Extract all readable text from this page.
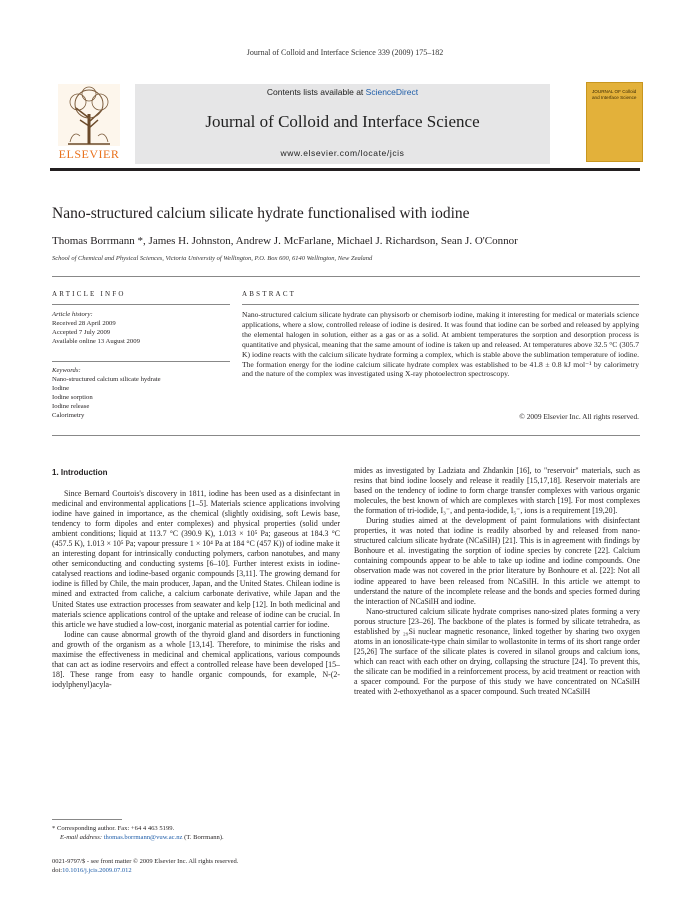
Journal of Colloid and Interface Science 339 (2009) 175–182
ELSEVIER
Contents lists available at ScienceDirect
Journal of Colloid and Interface Science
www.elsevier.com/locate/jcis
JOURNAL OF Colloid and Interface Science
Nano-structured calcium silicate hydrate functionalised with iodine
Thomas Borrmann *, James H. Johnston, Andrew J. McFarlane, Michael J. Richardson, Sean J. O'Connor
School of Chemical and Physical Sciences, Victoria University of Wellington, P.O. Box 600, 6140 Wellington, New Zealand
ARTICLE INFO
Article history:
Received 28 April 2009
Accepted 7 July 2009
Available online 13 August 2009
Keywords:
Nano-structured calcium silicate hydrate
Iodine
Iodine sorption
Iodine release
Calorimetry
ABSTRACT
Nano-structured calcium silicate hydrate can physisorb or chemisorb iodine, making it interesting for medical or materials science applications, where a slow, controlled release of iodine is desired. It was found that iodine can be sorbed and released by applying the elemental halogen in solution, either as a gas or as a solid. At ambient temperatures the sorption and desorption process is quantitative and physical, meaning that the same amount of iodine is taken up and released. At temperatures above 32.5 °C (305.7 K) iodine reacts with the calcium silicate hydrate forming a complex, which is stable above the sublimation temperature of iodine. The formation energy for the iodine calcium silicate hydrate complex was established to be 41.8 ± 0.8 kJ mol⁻¹ by calorimetry and the nature of the complex was investigated using X-ray photoelectron spectroscopy.
© 2009 Elsevier Inc. All rights reserved.
1. Introduction

Since Bernard Courtois's discovery in 1811, iodine has been used as a disinfectant in medicinal and environmental applications [1–5]. Materials science applications involving iodine have gained in importance, as the chemical (slightly oxidising, soft Lewis base, tendency to form dipoles and enter complexes) and physical properties (solid under ambient conditions; liquid at 113.7 °C (390.9 K), 1.013 × 10⁵ Pa; gaseous at 184.3 °C (457.5 K), 1.013 × 10⁵ Pa; vapour pressure 1 × 10⁴ Pa at 184 °C (457 K)) of iodine make it an interesting dopant for intrinsically conducting polymers, carbon nanotubes, and many other semiconducting and conducting systems [6–10]. Further interest exists in iodine-catalysed reactions and iodine-based organic compounds [3,11]. The growing demand for iodine is filled by Chile, the main producer, Japan, and the United States. Chilean iodine is mined and extracted from caliche, a calcium carbonate derivative, while Japan and the United States use extraction processes from seawater and kelp [12]. In both medicinal and materials science applications control of the uptake and release of iodine can be crucial. In this article we have studied a low-cost, inorganic material as potential carrier for iodine.

Iodine can cause abnormal growth of the thyroid gland and disorders in functioning and growth of the organism as a whole [13,14]. Therefore, to minimise the risks and maximise the effectiveness in medicinal and chemical applications, various compounds that can act as iodine reservoirs and effect a controlled release have been developed [15–18]. These range from easy to handle organic compounds, for example, N-(2-iodylphenyl)acyla-

mides as investigated by Ladziata and Zhdankin [16], to "reservoir" materials, such as resins that bind iodine loosely and release it readily [15,17,18]. Reservoir materials are based on the tendency of iodine to form charge transfer complexes with various organic molecules, the best known of which are complexes with starch [19]. For most complexes the formation of tri-iodide, I₃⁻, and penta-iodide, I₅⁻, ions is a requirement [19,20].

During studies aimed at the development of paint formulations with disinfectant properties, it was noted that iodine is readily absorbed by and released from nano-structured calcium silicate hydrate (NCaSilH) [21]. This is in agreement with findings by Bonhoure et al. investigating the sorption of iodine species by concrete [22]. Calcium containing compounds appear to be able to take up iodine and iodine compounds. One observation made was not covered in the prior literature by Bonhoure et al. [22]: Not all iodine appeared to have been released from NCaSilH. In this article we attempt to understand the nature of the incomplete release and the bonds and species formed during the interaction of NCaSilH and iodine.

Nano-structured calcium silicate hydrate comprises nano-sized plates forming a very porous structure [23–26]. The backbone of the plates is formed by silicate tetrahedra, as established by ₂₉Si nuclear magnetic resonance, linked together by sharing two oxygen atoms in an ionosilicate-type chain similar to wollastonite in terms of its short range order [25,26] The surface of the silicate plates is covered in silanol groups and calcium ions, which can react with each other on drying, collapsing the structure [24]. To prevent this, the silicate can be modified in a reinforcement process, by acid treatment or reaction with a spacer compound. For the purpose of this study we have concentrated on NCaSilH treated with 2-ethoxyethanol as a spacer compound. Such treated NCaSilH

* Corresponding author. Fax: +64 4 463 5199.
E-mail address: thomas.borrmann@vuw.ac.nz (T. Borrmann).
0021-9797/$ - see front matter © 2009 Elsevier Inc. All rights reserved.
doi:10.1016/j.jcis.2009.07.012
